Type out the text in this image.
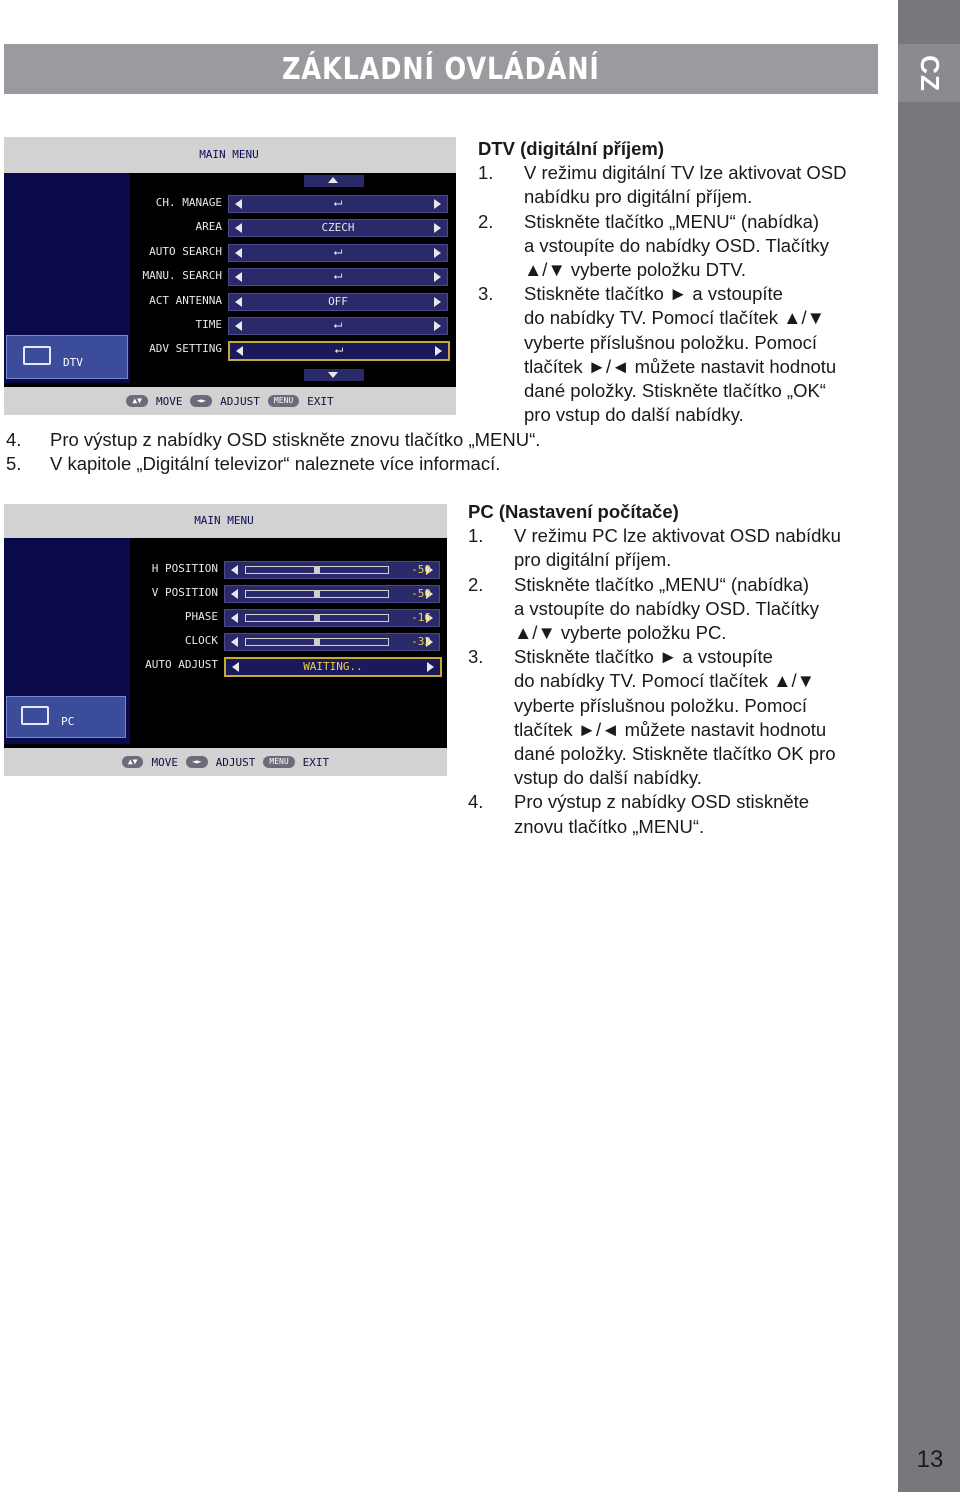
CZ
13
ZÁKLADNÍ OVLÁDÁNÍ
MAIN MENU
DTV
▲▼	MOVE	◄►	ADJUST	MENU	EXIT
CH. MANAGE	⮠
AREA	CZECH
AUTO SEARCH	⮠
MANU. SEARCH	⮠
ACT ANTENNA	OFF
TIME	⮠
ADV SETTING	⮠

DTV (digitální příjem)

1. V režimu digitální TV lze aktivovat OSD

nabídku pro digitální příjem.

2. Stiskněte tlačítko „MENU“ (nabídka)

a vstoupíte do nabídky OSD. Tlačítky

▲/▼ vyberte položku DTV.

3. Stiskněte tlačítko ► a vstoupíte

do nabídky TV. Pomocí tlačítek ▲/▼

vyberte příslušnou položku. Pomocí

tlačítek ►/◄ můžete nastavit hodnotu

dané položky. Stiskněte tlačítko „OK“

pro vstup do další nabídky.

4. Pro výstup z nabídky OSD stiskněte znovu tlačítko „MENU“.
5. V kapitole „Digitální televizor“ naleznete více informací.
MAIN MENU
PC
▲▼	MOVE	◄►	ADJUST	MENU	EXIT
H POSITION	-50
V POSITION	-50
PHASE	-16
CLOCK	-32
AUTO ADJUST	WAITING..

PC (Nastavení počítače)

1. V režimu PC lze aktivovat OSD nabídku

pro digitální příjem.

2. Stiskněte tlačítko „MENU“ (nabídka)

a vstoupíte do nabídky OSD. Tlačítky

▲/▼ vyberte položku PC.

3. Stiskněte tlačítko ► a vstoupíte

do nabídky TV. Pomocí tlačítek ▲/▼

vyberte příslušnou položku. Pomocí

tlačítek ►/◄ můžete nastavit hodnotu

dané položky. Stiskněte tlačítko OK pro

vstup do další nabídky.

4. Pro výstup z nabídky OSD stiskněte

znovu tlačítko „MENU“.
